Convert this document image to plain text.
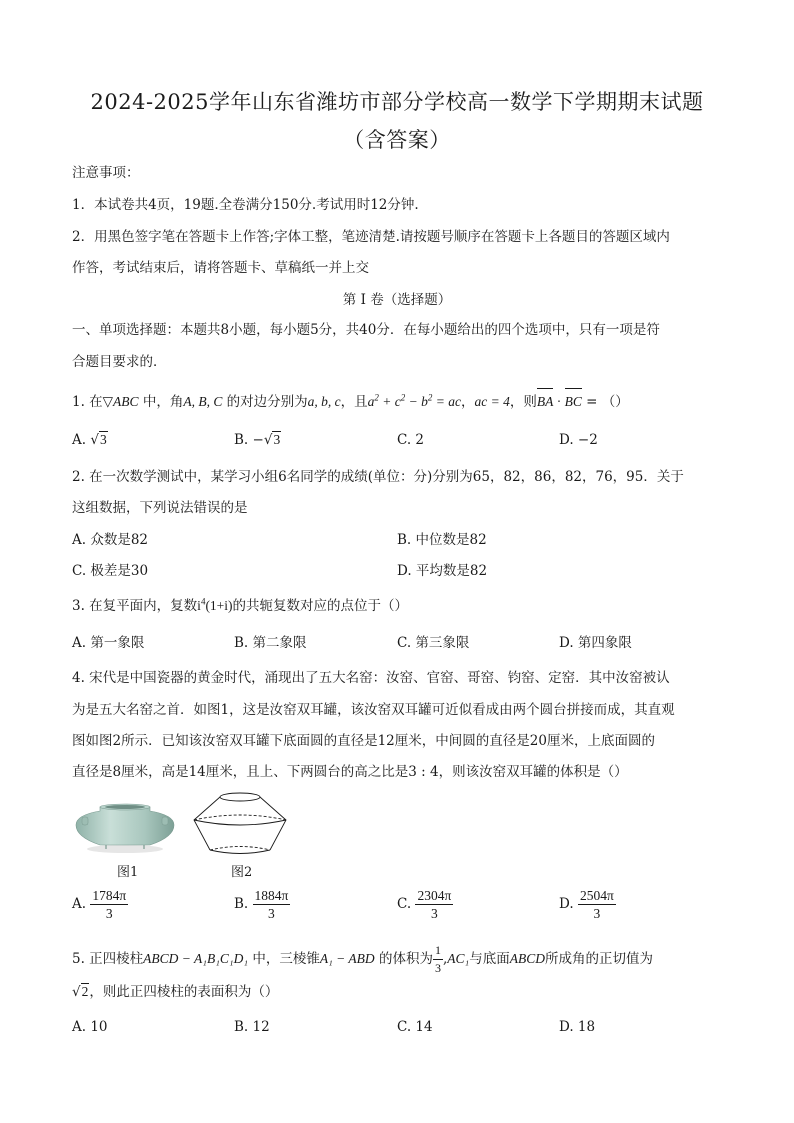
2024-2025学年山东省潍坊市部分学校高一数学下学期期末试题
（含答案）
注意事项：
1．本试卷共4页，19题.全卷满分150分.考试用时12分钟.
2．用黑色签字笔在答题卡上作答;字体工整，笔迹清楚.请按题号顺序在答题卡上各题目的答题区域内
作答，考试结束后，请将答题卡、草稿纸一并上交
第 I 卷（选择题）
一、单项选择题：本题共8小题，每小题5分，共40分．在每小题给出的四个选项中，只有一项是符
合题目要求的．
1. 在▽ABC 中，角A, B, C 的对边分别为a, b, c，且$a^2 + c^2 - b^2$ = ac，ac = 4，则BA · BC = （）
A. √3	B. −√3	C. 2	D. −2
2. 在一次数学测试中，某学习小组6名同学的成绩(单位：分)分别为65，82，86，82，76，95．关于
这组数据，下列说法错误的是
A. 众数是82	B. 中位数是82
C. 极差是30	D. 平均数是82
3. 在复平面内，复数$i^4(1+i)$的共轭复数对应的点位于（）
A. 第一象限	B. 第二象限	C. 第三象限	D. 第四象限
4. 宋代是中国瓷器的黄金时代，涌现出了五大名窑：汝窑、官窑、哥窑、钧窑、定窑．其中汝窑被认
为是五大名窑之首．如图1，这是汝窑双耳罐，该汝窑双耳罐可近似看成由两个圆台拼接而成，其直观
图如图2所示．已知该汝窑双耳罐下底面圆的直径是12厘米，中间圆的直径是20厘米，上底面圆的
直径是8厘米，高是14厘米，且上、下两圆台的高之比是3 : 4，则该汝窑双耳罐的体积是（）
图1	图2
A. $\frac{1784\pi}{3}$	B. $\frac{1884\pi}{3}$	C. $\frac{2304\pi}{3}$	D. $\frac{2504\pi}{3}$
5. 正四棱柱ABCD − A₁B₁C₁D₁ 中，三棱锥A₁ − ABD 的体积为 $\frac{1}{3} ,AC_1$与底面ABCD所成角的正切值为
√2，则此正四棱柱的表面积为（）
A. 10	B. 12	C. 14	D. 18
